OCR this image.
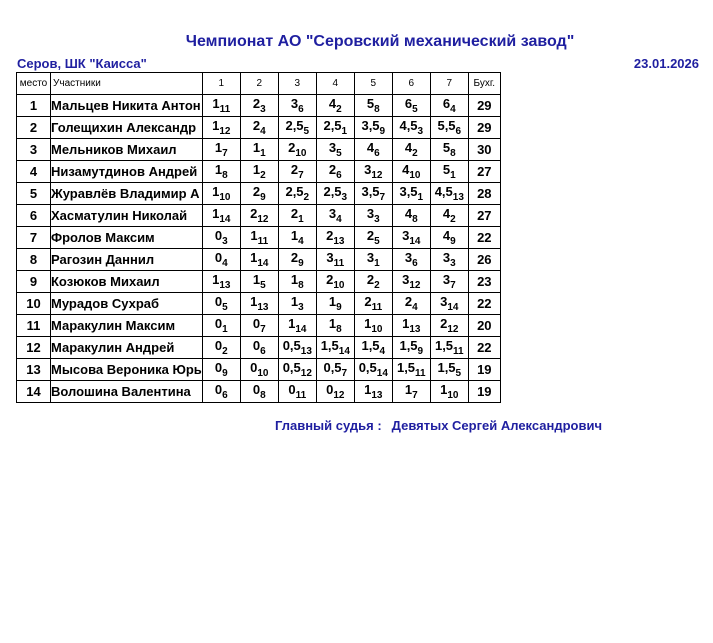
Чемпионат АО "Серовский механический завод"
Серов, ШК "Каисса"	23.01.2026
место	Участники	1	2	3	4	5	6	7	Бухг.
1	Мальцев Никита Антон	$1_{11}$	$2_3$	$3_6$	$4_2$	$5_8$	$6_5$	$6_4$	29
2	Голещихин Александр	$1_{12}$	$2_4$	$2,5_5$	$2,5_1$	$3,5_9$	$4,5_3$	$5,5_6$	29
3	Мельников Михаил	$1_7$	$1_1$	$2_{10}$	$3_5$	$4_6$	$4_2$	$5_8$	30
4	Низамутдинов Андрей	$1_8$	$1_2$	$2_7$	$2_6$	$3_{12}$	$4_{10}$	$5_1$	27
5	Журавлёв Владимир А	$1_{10}$	$2_9$	$2,5_2$	$2,5_3$	$3,5_7$	$3,5_1$	$4,5_{13}$	28
6	Хасматулин Николай	$1_{14}$	$2_{12}$	$2_1$	$3_4$	$3_3$	$4_8$	$4_2$	27
7	Фролов Максим	$0_3$	$1_{11}$	$1_4$	$2_{13}$	$2_5$	$3_{14}$	$4_9$	22
8	Рагозин Даннил	$0_4$	$1_{14}$	$2_9$	$3_{11}$	$3_1$	$3_6$	$3_3$	26
9	Козюков Михаил	$1_{13}$	$1_5$	$1_8$	$2_{10}$	$2_2$	$3_{12}$	$3_7$	23
10	Мурадов Сухраб	$0_5$	$1_{13}$	$1_3$	$1_9$	$2_{11}$	$2_4$	$3_{14}$	22
11	Маракулин Максим	$0_1$	$0_7$	$1_{14}$	$1_8$	$1_{10}$	$1_{13}$	$2_{12}$	20
12	Маракулин Андрей	$0_2$	$0_6$	$0,5_{13}$	$1,5_{14}$	$1,5_4$	$1,5_9$	$1,5_{11}$	22
13	Мысова Вероника Юрь	$0_9$	$0_{10}$	$0,5_{12}$	$0,5_7$	$0,5_{14}$	$1,5_{11}$	$1,5_5$	19
14	Волошина Валентина	$0_6$	$0_8$	$0_{11}$	$0_{12}$	$1_{13}$	$1_7$	$1_{10}$	19
Главный судья : Девятых Сергей Александрович
